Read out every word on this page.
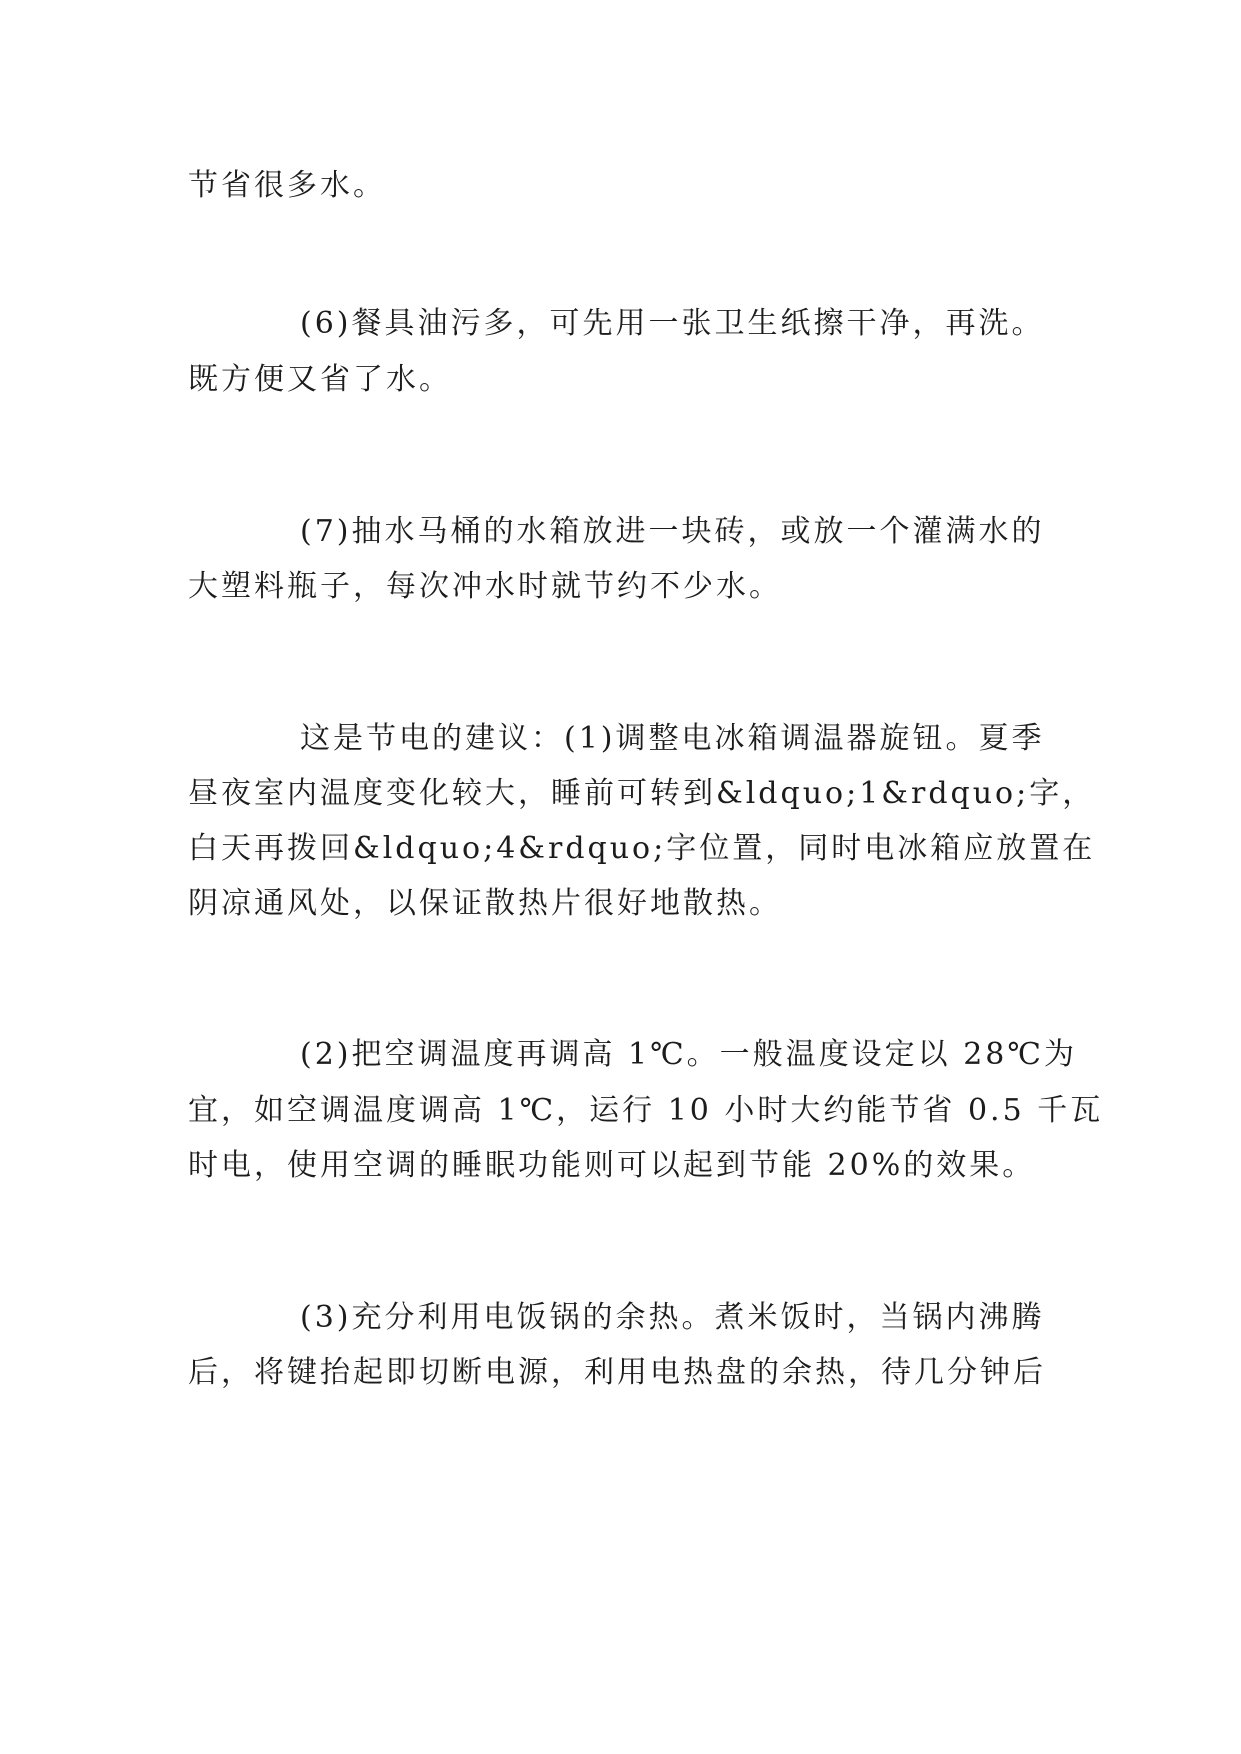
节省很多水。
(6)餐具油污多，可先用一张卫生纸擦干净，再洗。
既方便又省了水。
(7)抽水马桶的水箱放进一块砖，或放一个灌满水的
大塑料瓶子，每次冲水时就节约不少水。
这是节电的建议：(1)调整电冰箱调温器旋钮。夏季
昼夜室内温度变化较大，睡前可转到&ldquo;1&rdquo;字，
白天再拨回&ldquo;4&rdquo;字位置，同时电冰箱应放置在
阴凉通风处，以保证散热片很好地散热。
(2)把空调温度再调高 1℃。一般温度设定以 28℃为
宜，如空调温度调高 1℃，运行 10 小时大约能节省 0.5 千瓦
时电，使用空调的睡眠功能则可以起到节能 20%的效果。
(3)充分利用电饭锅的余热。煮米饭时，当锅内沸腾
后，将键抬起即切断电源，利用电热盘的余热，待几分钟后
